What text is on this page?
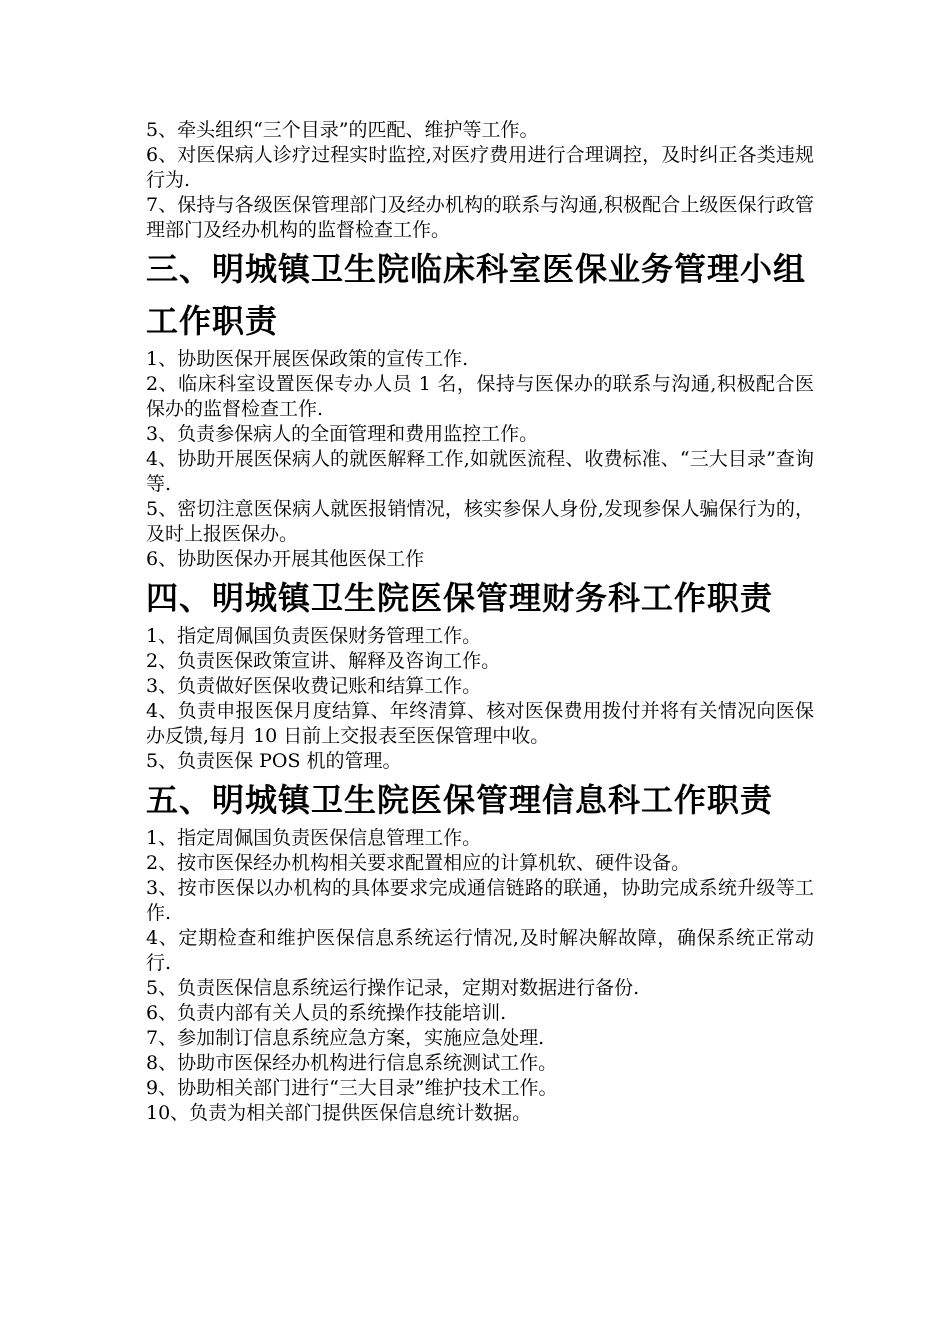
5、牵头组织“三个目录”的匹配、维护等工作。

6、对医保病人诊疗过程实时监控,对医疗费用进行合理调控，及时纠正各类违规行为.

7、保持与各级医保管理部门及经办机构的联系与沟通,积极配合上级医保行政管理部门及经办机构的监督检查工作。

三、明城镇卫生院临床科室医保业务管理小组工作职责

1、协助医保开展医保政策的宣传工作.

2、临床科室设置医保专办人员 1 名，保持与医保办的联系与沟通,积极配合医保办的监督检查工作.

3、负责参保病人的全面管理和费用监控工作。

4、协助开展医保病人的就医解释工作,如就医流程、收费标准、“三大目录”查询等.

5、密切注意医保病人就医报销情况，核实参保人身份,发现参保人骗保行为的，及时上报医保办。

6、协助医保办开展其他医保工作

四、明城镇卫生院医保管理财务科工作职责

1、指定周佩国负责医保财务管理工作。

2、负责医保政策宣讲、解释及咨询工作。

3、负责做好医保收费记账和结算工作。

4、负责申报医保月度结算、年终清算、核对医保费用拨付并将有关情况向医保办反馈,每月 10 日前上交报表至医保管理中收。

5、负责医保 POS 机的管理。

五、明城镇卫生院医保管理信息科工作职责

1、指定周佩国负责医保信息管理工作。

2、按市医保经办机构相关要求配置相应的计算机软、硬件设备。

3、按市医保以办机构的具体要求完成通信链路的联通，协助完成系统升级等工作.

4、定期检查和维护医保信息系统运行情况,及时解决解故障，确保系统正常动行.

5、负责医保信息系统运行操作记录，定期对数据进行备份.

6、负责内部有关人员的系统操作技能培训.

7、参加制订信息系统应急方案，实施应急处理.

8、协助市医保经办机构进行信息系统测试工作。

9、协助相关部门进行“三大目录”维护技术工作。

10、负责为相关部门提供医保信息统计数据。
